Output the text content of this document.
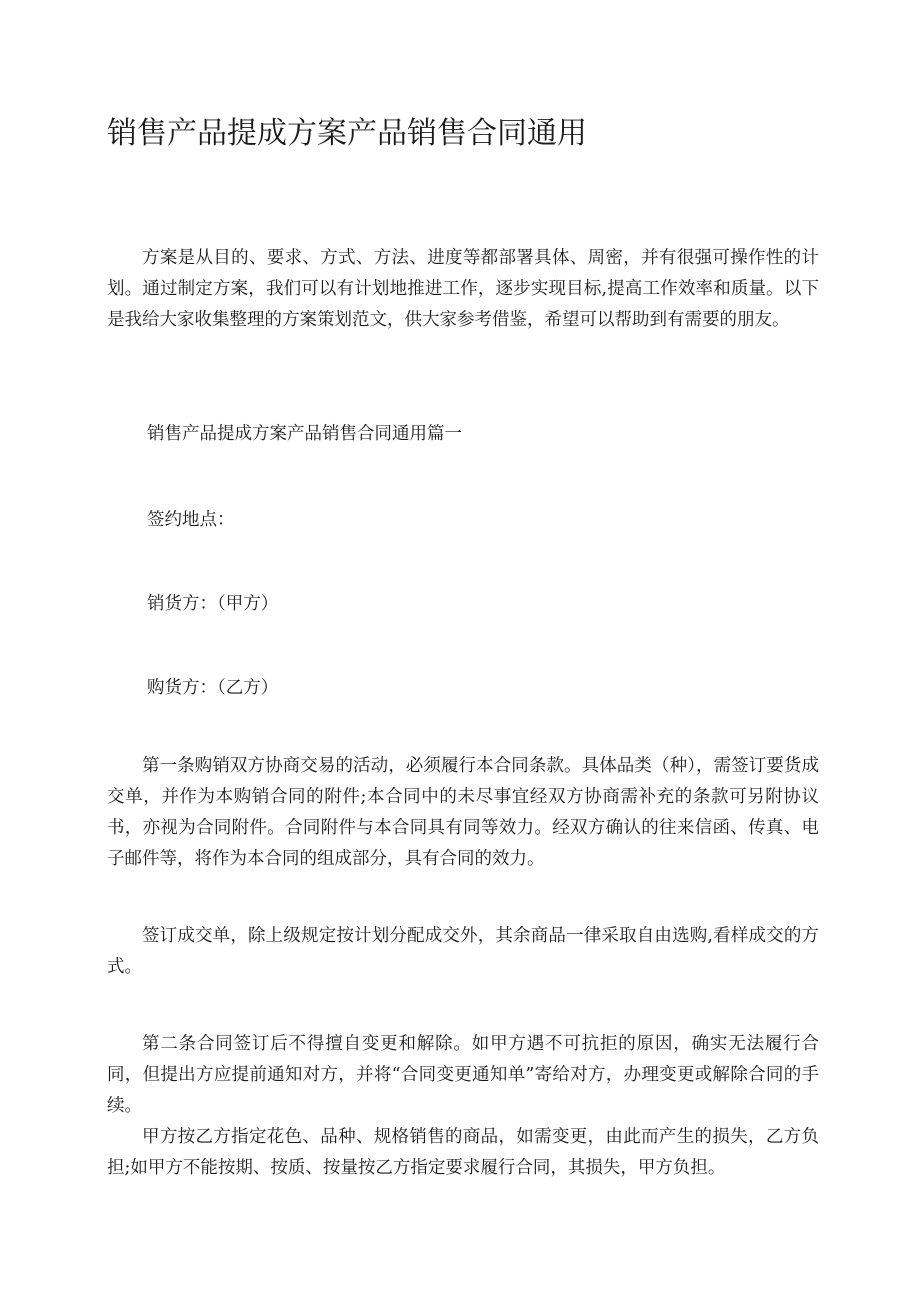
销售产品提成方案产品销售合同通用

方案是从目的、要求、方式、方法、进度等都部署具体、周密，并有很强可操作性的计划。通过制定方案，我们可以有计划地推进工作，逐步实现目标,提高工作效率和质量。以下是我给大家收集整理的方案策划范文，供大家参考借鉴，希望可以帮助到有需要的朋友。

销售产品提成方案产品销售合同通用篇一

签约地点：

销货方：（甲方）

购货方：（乙方）

第一条购销双方协商交易的活动，必须履行本合同条款。具体品类（种），需签订要货成交单，并作为本购销合同的附件;本合同中的未尽事宜经双方协商需补充的条款可另附协议书，亦视为合同附件。合同附件与本合同具有同等效力。经双方确认的往来信函、传真、电子邮件等，将作为本合同的组成部分，具有合同的效力。

签订成交单，除上级规定按计划分配成交外，其余商品一律采取自由选购,看样成交的方式。

第二条合同签订后不得擅自变更和解除。如甲方遇不可抗拒的原因，确实无法履行合同，但提出方应提前通知对方，并将“合同变更通知单”寄给对方，办理变更或解除合同的手续。

甲方按乙方指定花色、品种、规格销售的商品，如需变更，由此而产生的损失，乙方负担;如甲方不能按期、按质、按量按乙方指定要求履行合同，其损失，甲方负担。
